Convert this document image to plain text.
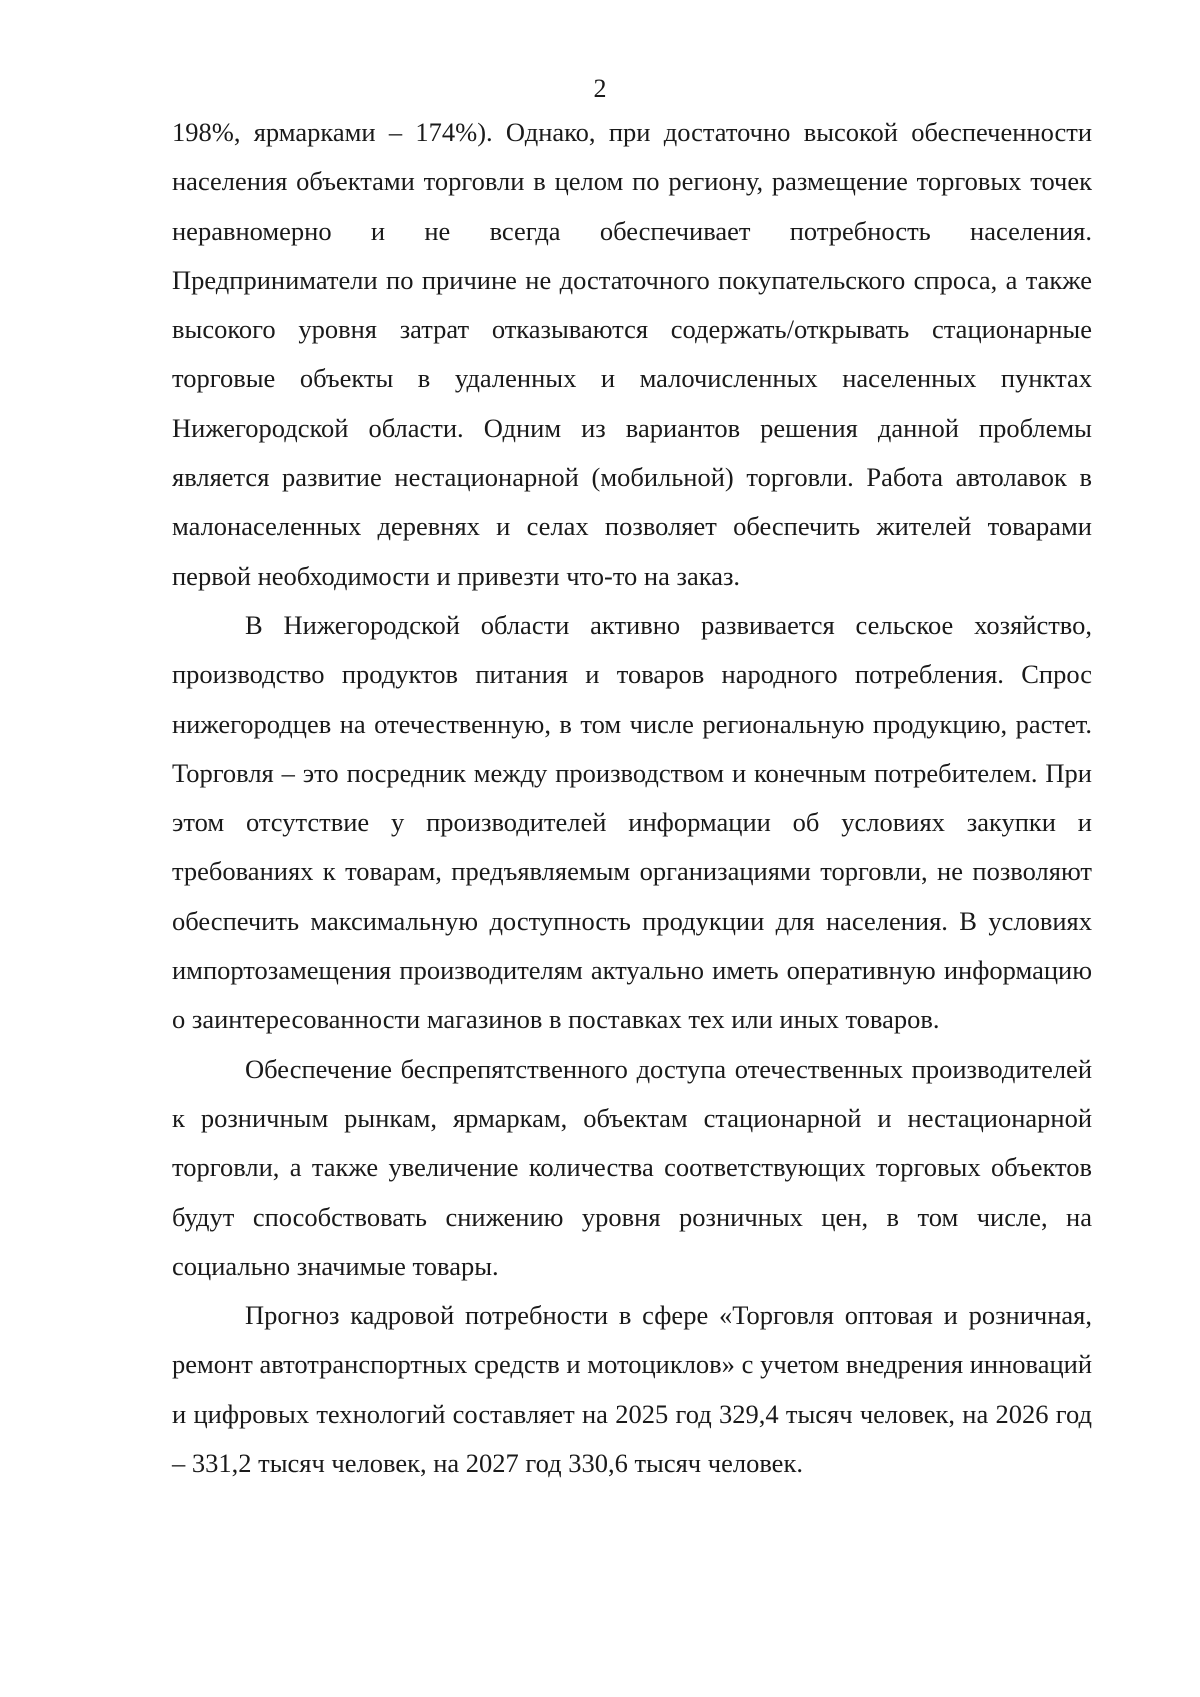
2

198%, ярмарками – 174%). Однако, при достаточно высокой обеспеченности населения объектами торговли в целом по региону, размещение торговых точек неравномерно и не всегда обеспечивает потребность населения. Предприниматели по причине не достаточного покупательского спроса, а также высокого уровня затрат отказываются содержать/открывать стационарные торговые объекты в удаленных и малочисленных населенных пунктах Нижегородской области. Одним из вариантов решения данной проблемы является развитие нестационарной (мобильной) торговли. Работа автолавок в малонаселенных деревнях и селах позволяет обеспечить жителей товарами первой необходимости и привезти что-то на заказ.

В Нижегородской области активно развивается сельское хозяйство, производство продуктов питания и товаров народного потребления. Спрос нижегородцев на отечественную, в том числе региональную продукцию, растет. Торговля – это посредник между производством и конечным потребителем. При этом отсутствие у производителей информации об условиях закупки и требованиях к товарам, предъявляемым организациями торговли, не позволяют обеспечить максимальную доступность продукции для населения. В условиях импортозамещения производителям актуально иметь оперативную информацию о заинтересованности магазинов в поставках тех или иных товаров.

Обеспечение беспрепятственного доступа отечественных производителей к розничным рынкам, ярмаркам, объектам стационарной и нестационарной торговли, а также увеличение количества соответствующих торговых объектов будут способствовать снижению уровня розничных цен, в том числе, на социально значимые товары.

Прогноз кадровой потребности в сфере «Торговля оптовая и розничная, ремонт автотранспортных средств и мотоциклов» с учетом внедрения инноваций и цифровых технологий составляет на 2025 год 329,4 тысяч человек, на 2026 год – 331,2 тысяч человек, на 2027 год 330,6 тысяч человек.
